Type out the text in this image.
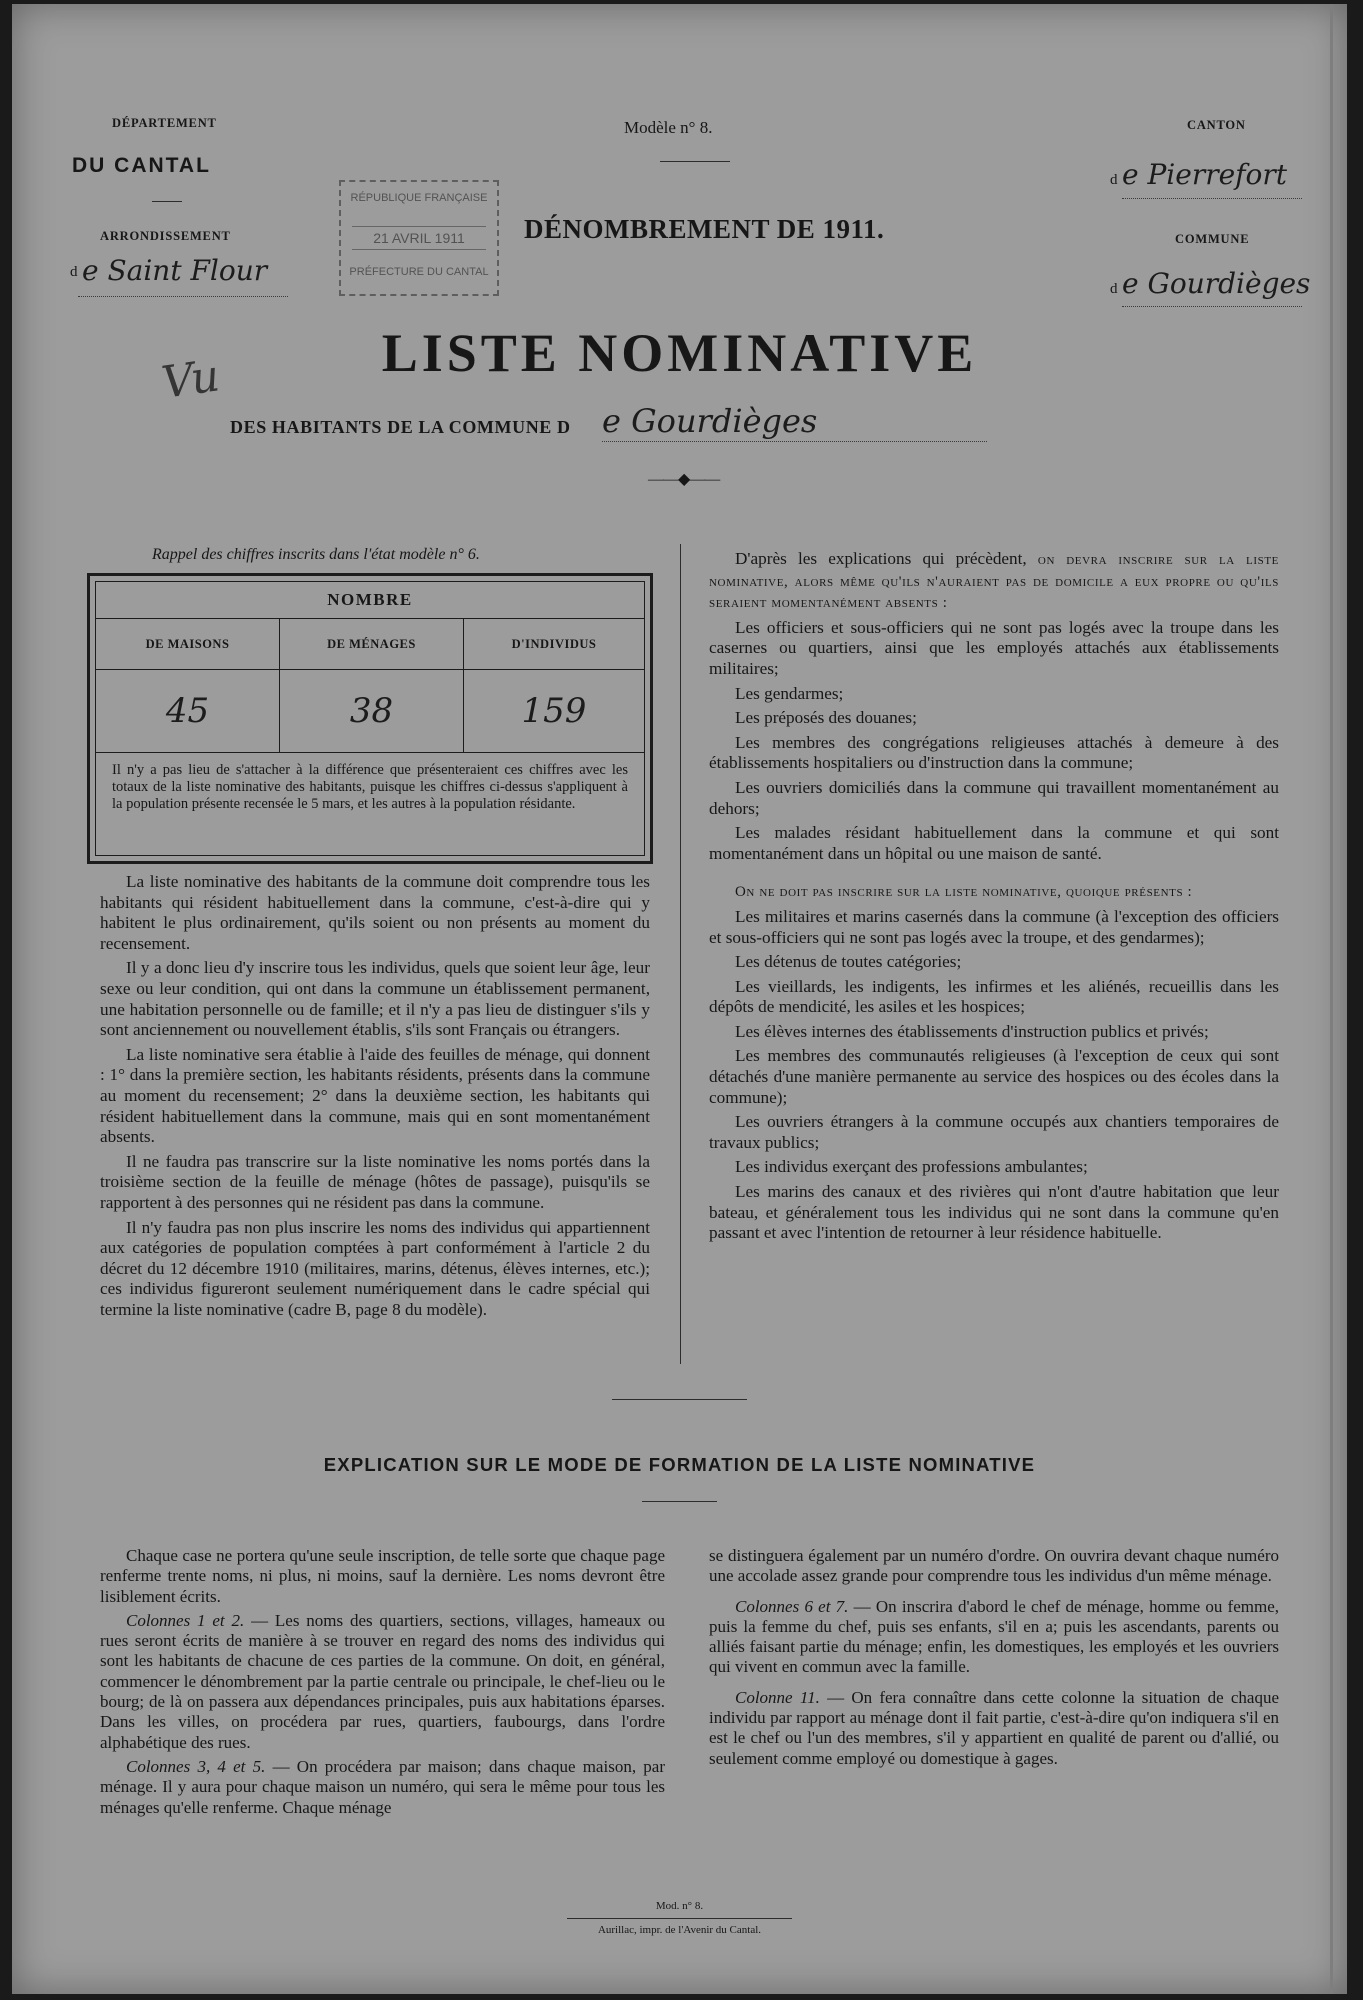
DÉPARTEMENT
DU CANTAL
ARRONDISSEMENT
d e Saint Flour
Modèle n° 8.
RÉPUBLIQUE FRANÇAISE
21 AVRIL 1911
PRÉFECTURE DU CANTAL
DÉNOMBREMENT DE 1911.
Vu
CANTON
d e Pierrefort
COMMUNE
d e Gourdièges
LISTE NOMINATIVE
DES HABITANTS DE LA COMMUNE D e Gourdièges
——◆——
Rappel des chiffres inscrits dans l'état modèle n° 6.
NOMBRE
DE MAISONS	DE MÉNAGES	D'INDIVIDUS
45	38	159
Il n'y a pas lieu de s'attacher à la différence que présenteraient ces chiffres avec les totaux de la liste nominative des habitants, puisque les chiffres ci-dessus s'appliquent à la population présente recensée le 5 mars, et les autres à la population résidante.

La liste nominative des habitants de la commune doit comprendre tous les habitants qui résident habituellement dans la commune, c'est-à-dire qui y habitent le plus ordinairement, qu'ils soient ou non présents au moment du recensement.

Il y a donc lieu d'y inscrire tous les individus, quels que soient leur âge, leur sexe ou leur condition, qui ont dans la commune un établissement permanent, une habitation personnelle ou de famille; et il n'y a pas lieu de distinguer s'ils y sont anciennement ou nouvellement établis, s'ils sont Français ou étrangers.

La liste nominative sera établie à l'aide des feuilles de ménage, qui donnent : 1° dans la première section, les habitants résidents, présents dans la commune au moment du recensement; 2° dans la deuxième section, les habitants qui résident habituellement dans la commune, mais qui en sont momentanément absents.

Il ne faudra pas transcrire sur la liste nominative les noms portés dans la troisième section de la feuille de ménage (hôtes de passage), puisqu'ils se rapportent à des personnes qui ne résident pas dans la commune.

Il n'y faudra pas non plus inscrire les noms des individus qui appartiennent aux catégories de population comptées à part conformément à l'article 2 du décret du 12 décembre 1910 (militaires, marins, détenus, élèves internes, etc.); ces individus figureront seulement numériquement dans le cadre spécial qui termine la liste nominative (cadre B, page 8 du modèle).

D'après les explications qui précèdent, on devra inscrire sur la liste nominative, alors même qu'ils n'auraient pas de domicile a eux propre ou qu'ils seraient momentanément absents :

Les officiers et sous-officiers qui ne sont pas logés avec la troupe dans les casernes ou quartiers, ainsi que les employés attachés aux établissements militaires;

Les gendarmes;

Les préposés des douanes;

Les membres des congrégations religieuses attachés à demeure à des établissements hospitaliers ou d'instruction dans la commune;

Les ouvriers domiciliés dans la commune qui travaillent momentanément au dehors;

Les malades résidant habituellement dans la commune et qui sont momentanément dans un hôpital ou une maison de santé.

On ne doit pas inscrire sur la liste nominative, quoique présents :

Les militaires et marins casernés dans la commune (à l'exception des officiers et sous-officiers qui ne sont pas logés avec la troupe, et des gendarmes);

Les détenus de toutes catégories;

Les vieillards, les indigents, les infirmes et les aliénés, recueillis dans les dépôts de mendicité, les asiles et les hospices;

Les élèves internes des établissements d'instruction publics et privés;

Les membres des communautés religieuses (à l'exception de ceux qui sont détachés d'une manière permanente au service des hospices ou des écoles dans la commune);

Les ouvriers étrangers à la commune occupés aux chantiers temporaires de travaux publics;

Les individus exerçant des professions ambulantes;

Les marins des canaux et des rivières qui n'ont d'autre habitation que leur bateau, et généralement tous les individus qui ne sont dans la commune qu'en passant et avec l'intention de retourner à leur résidence habituelle.

EXPLICATION SUR LE MODE DE FORMATION DE LA LISTE NOMINATIVE

Chaque case ne portera qu'une seule inscription, de telle sorte que chaque page renferme trente noms, ni plus, ni moins, sauf la dernière. Les noms devront être lisiblement écrits.

Colonnes 1 et 2. — Les noms des quartiers, sections, villages, hameaux ou rues seront écrits de manière à se trouver en regard des noms des individus qui sont les habitants de chacune de ces parties de la commune. On doit, en général, commencer le dénombrement par la partie centrale ou principale, le chef-lieu ou le bourg; de là on passera aux dépendances principales, puis aux habitations éparses. Dans les villes, on procédera par rues, quartiers, faubourgs, dans l'ordre alphabétique des rues.

Colonnes 3, 4 et 5. — On procédera par maison; dans chaque maison, par ménage. Il y aura pour chaque maison un numéro, qui sera le même pour tous les ménages qu'elle renferme. Chaque ménage

se distinguera également par un numéro d'ordre. On ouvrira devant chaque numéro une accolade assez grande pour comprendre tous les individus d'un même ménage.

Colonnes 6 et 7. — On inscrira d'abord le chef de ménage, homme ou femme, puis la femme du chef, puis ses enfants, s'il en a; puis les ascendants, parents ou alliés faisant partie du ménage; enfin, les domestiques, les employés et les ouvriers qui vivent en commun avec la famille.

Colonne 11. — On fera connaître dans cette colonne la situation de chaque individu par rapport au ménage dont il fait partie, c'est-à-dire qu'on indiquera s'il en est le chef ou l'un des membres, s'il y appartient en qualité de parent ou d'allié, ou seulement comme employé ou domestique à gages.

Mod. n° 8.
Aurillac, impr. de l'Avenir du Cantal.
